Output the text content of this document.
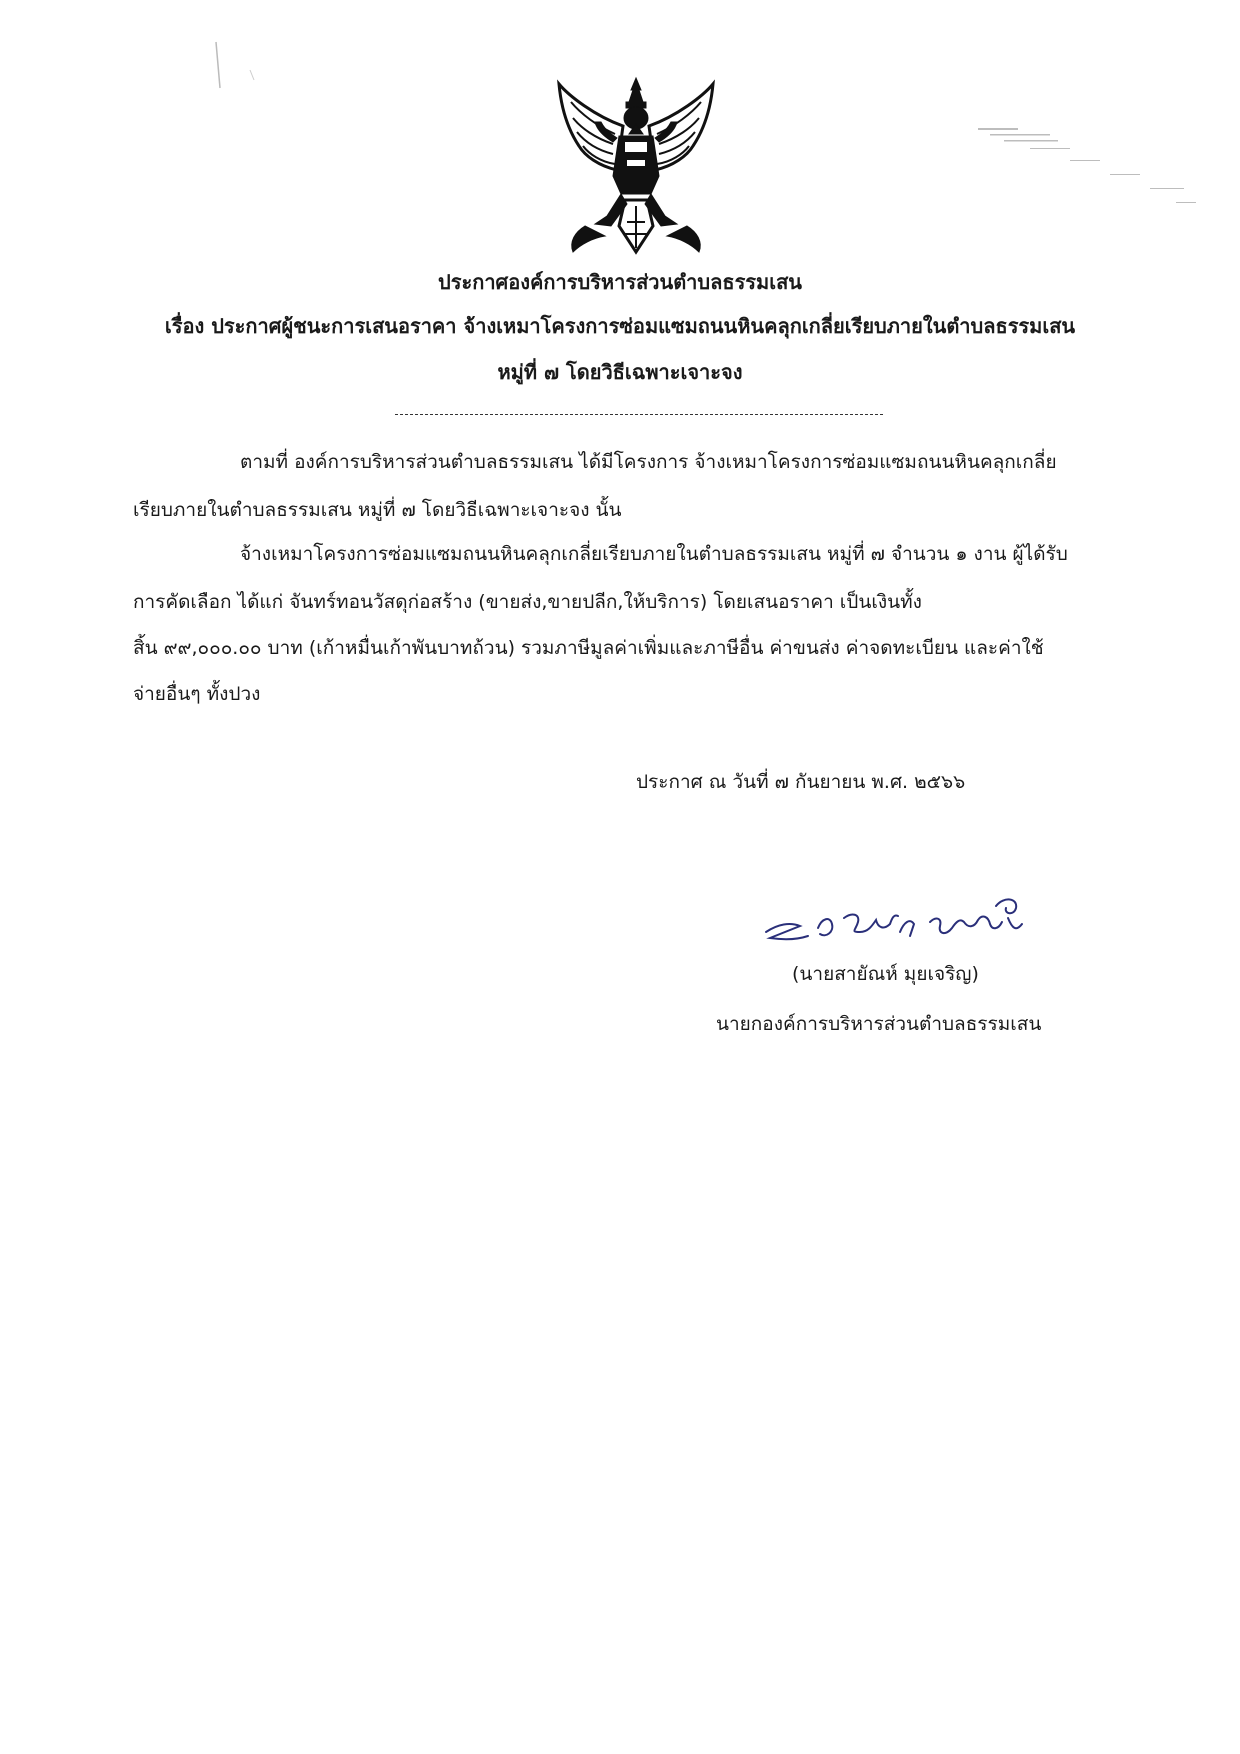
ประกาศองค์การบริหารส่วนตำบลธรรมเสน
เรื่อง ประกาศผู้ชนะการเสนอราคา จ้างเหมาโครงการซ่อมแซมถนนหินคลุกเกลี่ยเรียบภายในตำบลธรรมเสน
หมู่ที่ ๗ โดยวิธีเฉพาะเจาะจง
ตามที่ องค์การบริหารส่วนตำบลธรรมเสน ได้มีโครงการ จ้างเหมาโครงการซ่อมแซมถนนหินคลุกเกลี่ย
เรียบภายในตำบลธรรมเสน หมู่ที่ ๗ โดยวิธีเฉพาะเจาะจง นั้น
จ้างเหมาโครงการซ่อมแซมถนนหินคลุกเกลี่ยเรียบภายในตำบลธรรมเสน หมู่ที่ ๗ จำนวน ๑ งาน ผู้ได้รับ
การคัดเลือก ได้แก่ จันทร์ทอนวัสดุก่อสร้าง (ขายส่ง,ขายปลีก,ให้บริการ) โดยเสนอราคา เป็นเงินทั้ง
สิ้น ๙๙,๐๐๐.๐๐ บาท (เก้าหมื่นเก้าพันบาทถ้วน) รวมภาษีมูลค่าเพิ่มและภาษีอื่น ค่าขนส่ง ค่าจดทะเบียน และค่าใช้
จ่ายอื่นๆ ทั้งปวง
ประกาศ ณ วันที่ ๗ กันยายน พ.ศ. ๒๕๖๖
(นายสายัณห์ มุยเจริญ)
นายกองค์การบริหารส่วนตำบลธรรมเสน
